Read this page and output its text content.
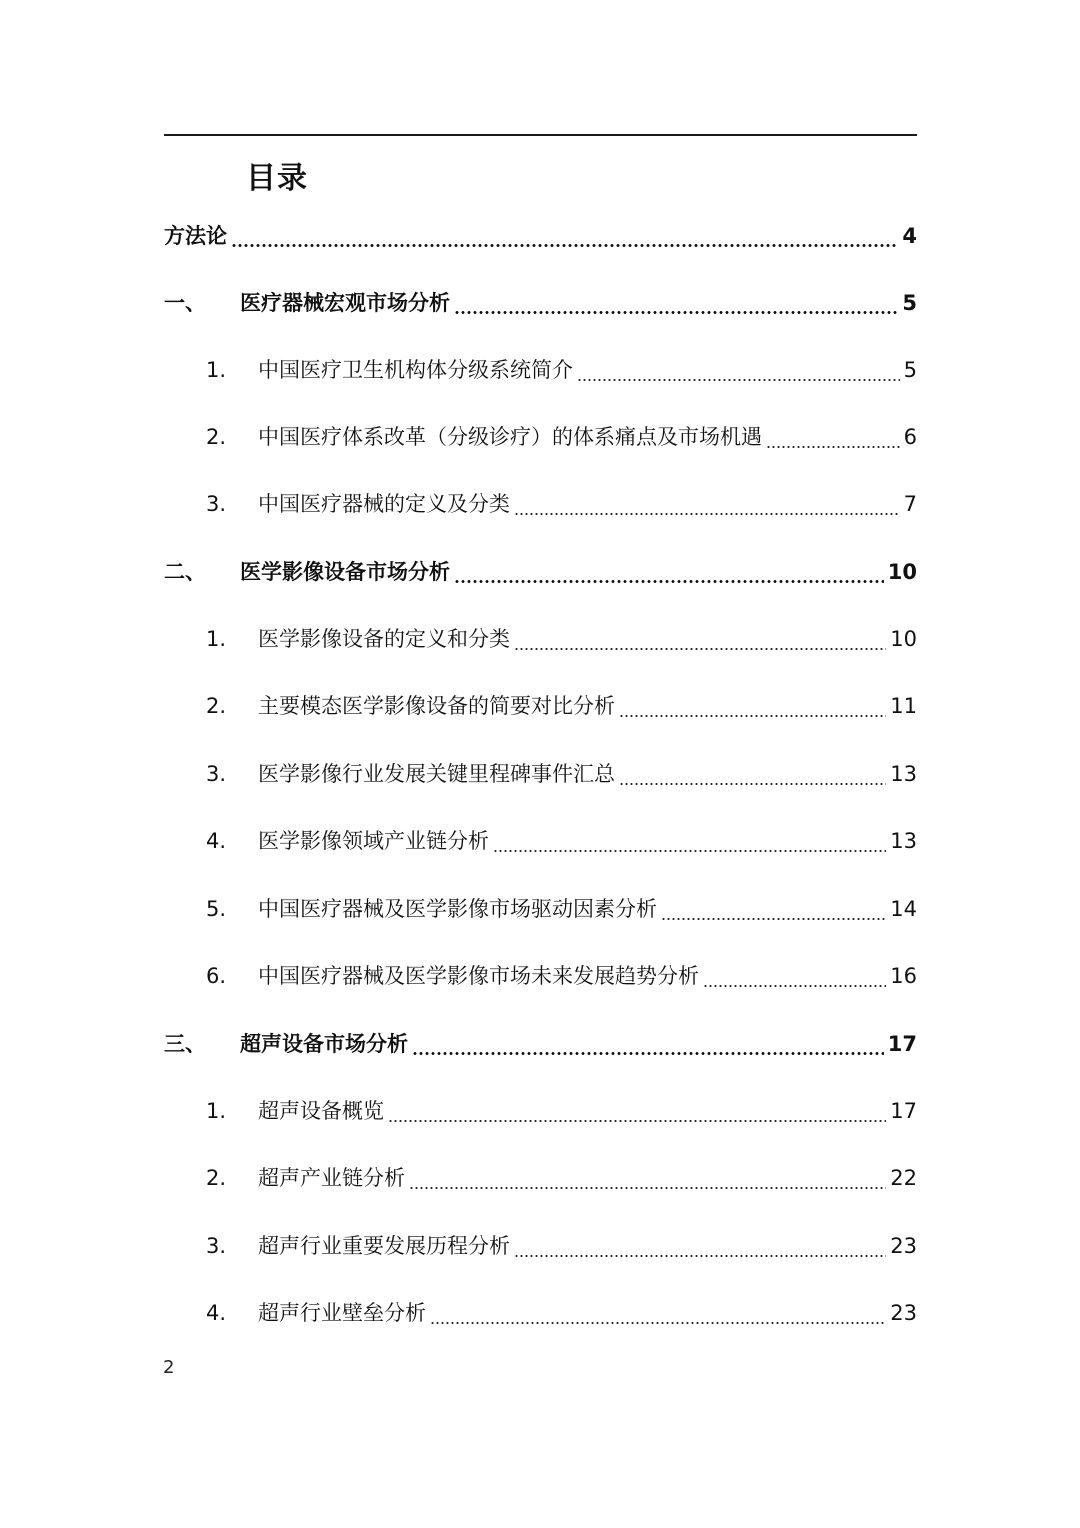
目录
方法论	4
一、	医疗器械宏观市场分析	5
1.	中国医疗卫生机构体分级系统简介	5
2.	中国医疗体系改革（分级诊疗）的体系痛点及市场机遇	6
3.	中国医疗器械的定义及分类	7
二、	医学影像设备市场分析	10
1.	医学影像设备的定义和分类	10
2.	主要模态医学影像设备的简要对比分析	11
3.	医学影像行业发展关键里程碑事件汇总	13
4.	医学影像领域产业链分析	13
5.	中国医疗器械及医学影像市场驱动因素分析	14
6.	中国医疗器械及医学影像市场未来发展趋势分析	16
三、	超声设备市场分析	17
1.	超声设备概览	17
2.	超声产业链分析	22
3.	超声行业重要发展历程分析	23
4.	超声行业壁垒分析	23
2
